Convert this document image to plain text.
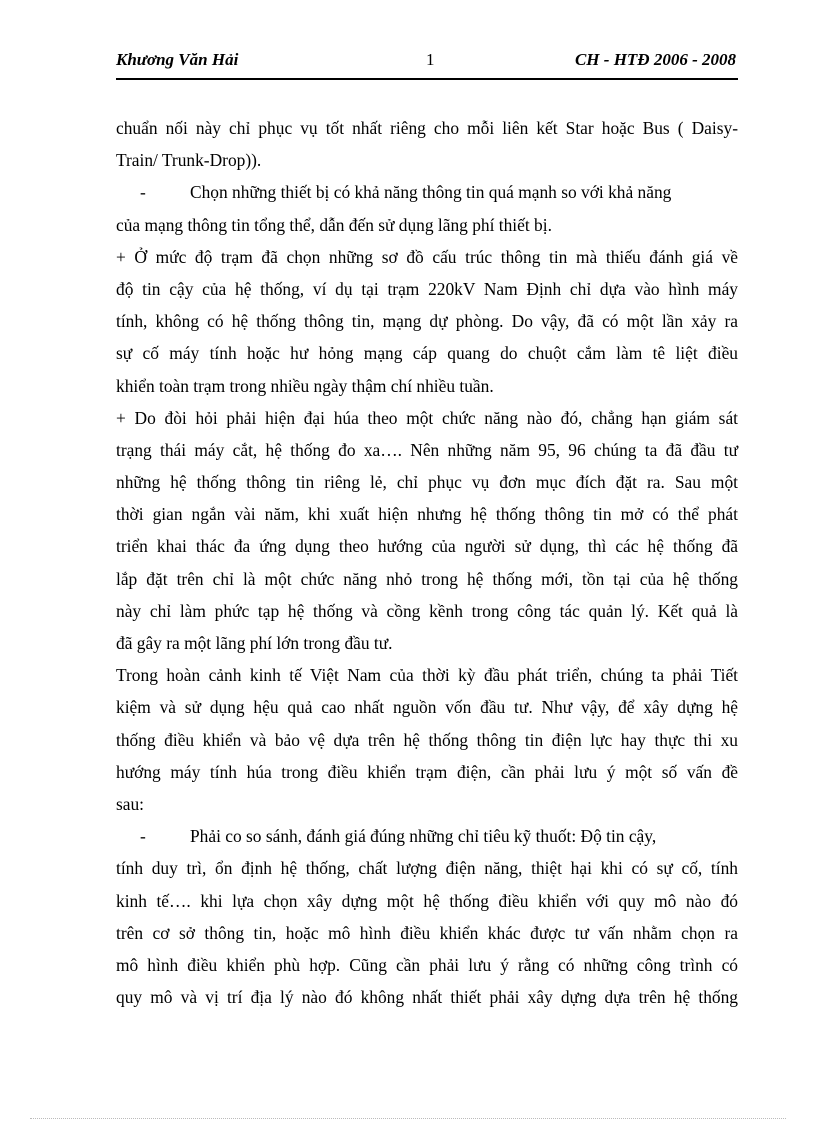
Khương Văn Hải	1	CH - HTĐ 2006 - 2008
chuẩn nối này chỉ phục vụ tốt nhất riêng cho mỗi liên kết Star hoặc Bus ( Daisy-
Train/ Trunk-Drop)).
-	Chọn những thiết bị có khả năng thông tin quá mạnh so với khả năng
của mạng thông tin tổng thể, dẫn đến sử dụng lãng phí thiết bị.
+ Ở mức độ trạm đã chọn những sơ đồ cấu trúc thông tin mà thiếu đánh giá về
độ tin cậy của hệ thống, ví dụ tại trạm 220kV Nam Định chỉ dựa vào hình máy
tính, không có hệ thống thông tin, mạng dự phòng. Do vậy, đã có một lần xảy ra
sự cố máy tính hoặc hư hỏng mạng cáp quang do chuột cắm làm tê liệt điều
khiển toàn trạm trong nhiều ngày thậm chí nhiều tuần.
+ Do đòi hỏi phải hiện đại húa theo một chức năng nào đó, chẳng hạn giám sát
trạng thái máy cắt, hệ thống đo xa…. Nên những năm 95, 96 chúng ta đã đầu tư
những hệ thống thông tin riêng lẻ, chỉ phục vụ đơn mục đích đặt ra. Sau một
thời gian ngắn vài năm, khi xuất hiện nhưng hệ thống thông tin mở có thể phát
triển khai thác đa ứng dụng theo hướng của người sử dụng, thì các hệ thống đã
lắp đặt trên chỉ là một chức năng nhỏ trong hệ thống mới, tồn tại của hệ thống
này chỉ làm phức tạp hệ thống và cồng kềnh trong công tác quản lý. Kết quả là
đã gây ra một lãng phí lớn trong đầu tư.
Trong hoàn cảnh kinh tế Việt Nam của thời kỳ đầu phát triển, chúng ta phải Tiết
kiệm và sử dụng hệu quả cao nhất nguồn vốn đầu tư. Như vậy, để xây dựng hệ
thống điều khiển và bảo vệ dựa trên hệ thống thông tin điện lực hay thực thi xu
hướng máy tính húa trong điều khiển trạm điện, cần phải lưu ý một số vấn đề
sau:
-	Phải co so sánh, đánh giá đúng những chỉ tiêu kỹ thuốt: Độ tin cậy,
tính duy trì, ổn định hệ thống, chất lượng điện năng, thiệt hại khi có sự cố, tính
kinh tế…. khi lựa chọn xây dựng một hệ thống điều khiển với quy mô nào đó
trên cơ sở thông tin, hoặc mô hình điều khiển khác được tư vấn nhằm chọn ra
mô hình điều khiển phù hợp. Cũng cần phải lưu ý rằng có những công trình có
quy mô và vị trí địa lý nào đó không nhất thiết phải xây dựng dựa trên hệ thống
